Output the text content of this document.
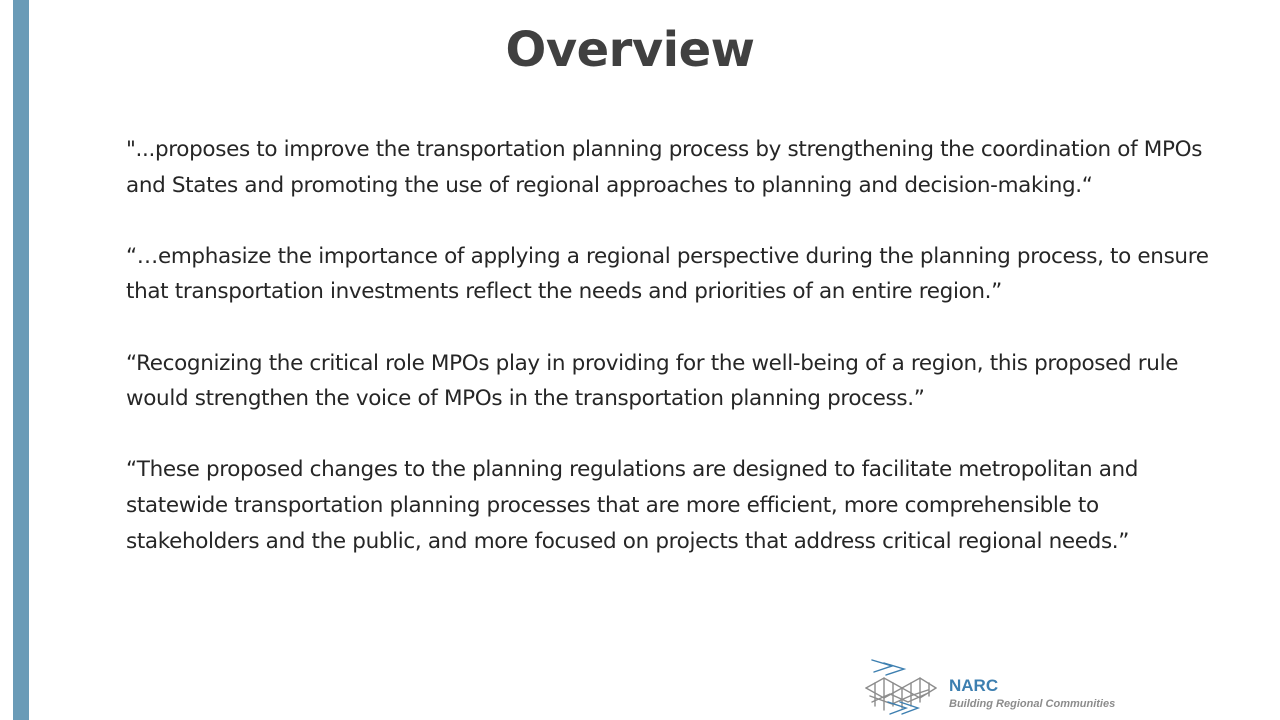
Overview

"...proposes to improve the transportation planning process by strengthening the coordination of MPOs and States and promoting the use of regional approaches to planning and decision-making.“

“…emphasize the importance of applying a regional perspective during the planning process, to ensure that transportation investments reflect the needs and priorities of an entire region.”

“Recognizing the critical role MPOs play in providing for the well-being of a region, this proposed rule would strengthen the voice of MPOs in the transportation planning process.”

“These proposed changes to the planning regulations are designed to facilitate metropolitan and statewide transportation planning processes that are more efficient, more comprehensible to stakeholders and the public, and more focused on projects that address critical regional needs.”

NARC
Building Regional Communities
